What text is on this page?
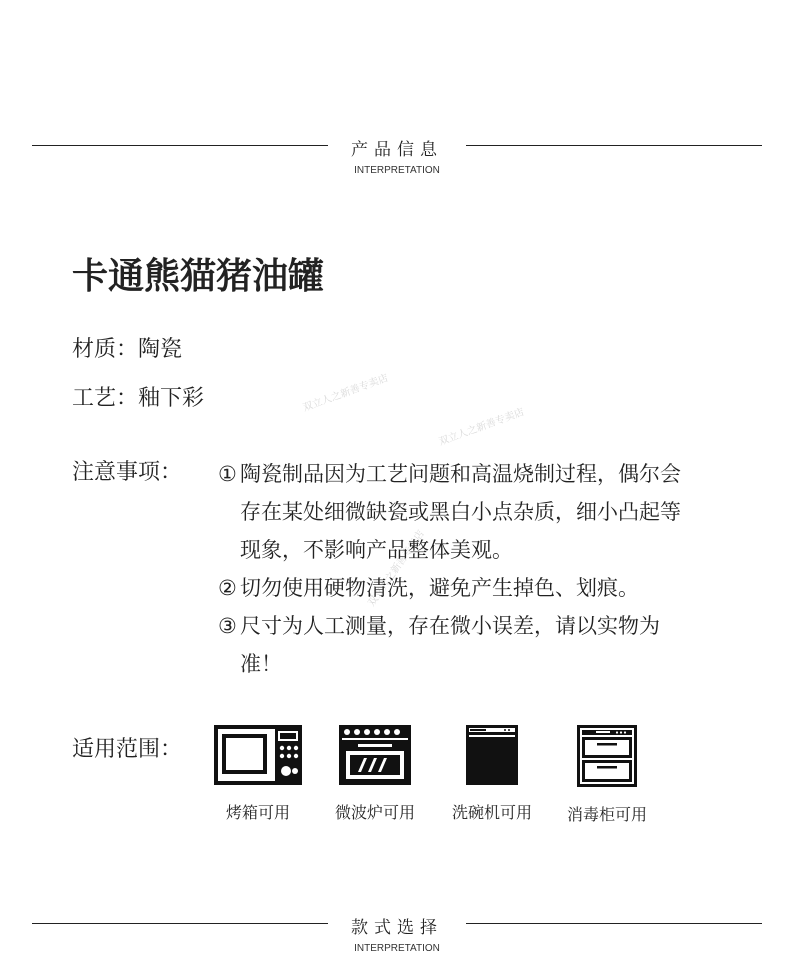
产品信息
INTERPRETATION
双立人之新善专卖店
双立人之新善专卖店
双立人之新善专卖店
卡通熊猫猪油罐
材质：陶瓷
工艺：釉下彩
注意事项： ① 陶瓷制品因为工艺问题和高温烧制过程，偶尔会存在某处细微缺瓷或黑白小点杂质，细小凸起等现象，不影响产品整体美观。
② 切勿使用硬物清洗，避免产生掉色、划痕。
③ 尺寸为人工测量，存在微小误差，请以实物为准！
适用范围：
烤箱可用	微波炉可用	洗碗机可用	消毒柜可用
款式选择
INTERPRETATION
